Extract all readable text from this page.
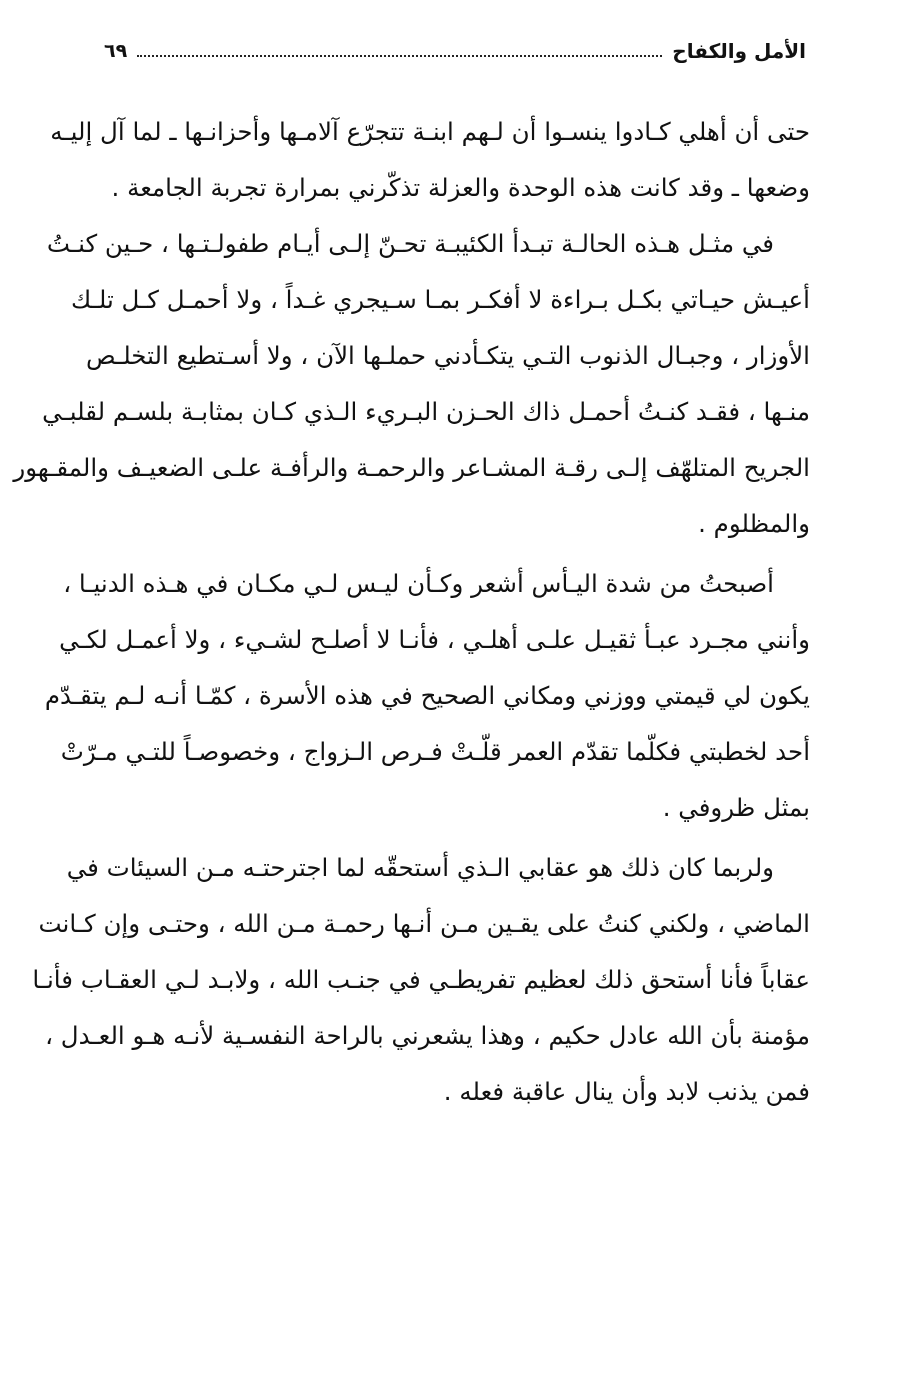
الأمل والكفاح
٦٩
حتى أن أهلي كـادوا ينسـوا أن لـهم ابنـة تتجرّع آلامـها وأحزانـها ـ لما آل إليـه
وضعها ـ وقد كانت هذه الوحدة والعزلة تذكّرني بمرارة تجربة الجامعة .
في مثـل هـذه الحالـة تبـدأ الكئيبـة تحـنّ إلـى أيـام طفولـتـها ، حـين كنـتُ
أعيـش حيـاتي بكـل بـراءة لا أفكـر بمـا سـيجري غـداً ، ولا أحمـل كـل تلـك
الأوزار ، وجبـال الذنوب التـي يتكـأدني حملـها الآن ، ولا أسـتطيع التخلـص
منـها ، فقـد كنـتُ أحمـل ذاك الحـزن البـريء الـذي كـان بمثابـة بلسـم لقلبـي
الجريح المتلهّف إلـى رقـة المشـاعر والرحمـة والرأفـة علـى الضعيـف والمقـهور
والمظلوم .
أصبحتُ من شدة اليـأس أشعر وكـأن ليـس لـي مكـان في هـذه الدنيـا ،
وأنني مجـرد عبـأ ثقيـل علـى أهلـي ، فأنـا لا أصلـح لشـيء ، ولا أعمـل لكـي
يكون لي قيمتي ووزني ومكاني الصحيح في هذه الأسرة ، كمّـا أنـه لـم يتقـدّم
أحد لخطبتي فكلّما تقدّم العمر قلّـتْ فـرص الـزواج ، وخصوصـاً للتـي مـرّتْ
بمثل ظروفي .
ولربما كان ذلك هو عقابي الـذي أستحقّه لما اجترحتـه مـن السيئات في
الماضي ، ولكني كنتُ على يقـين مـن أنـها رحمـة مـن الله ، وحتـى وإن كـانت
عقاباً فأنا أستحق ذلك لعظيم تفريطـي في جنـب الله ، ولابـد لـي العقـاب فأنـا
مؤمنة بأن الله عادل حكيم ، وهذا يشعرني بالراحة النفسـية لأنـه هـو العـدل ،
فمن يذنب لابد وأن ينال عاقبة فعله .
